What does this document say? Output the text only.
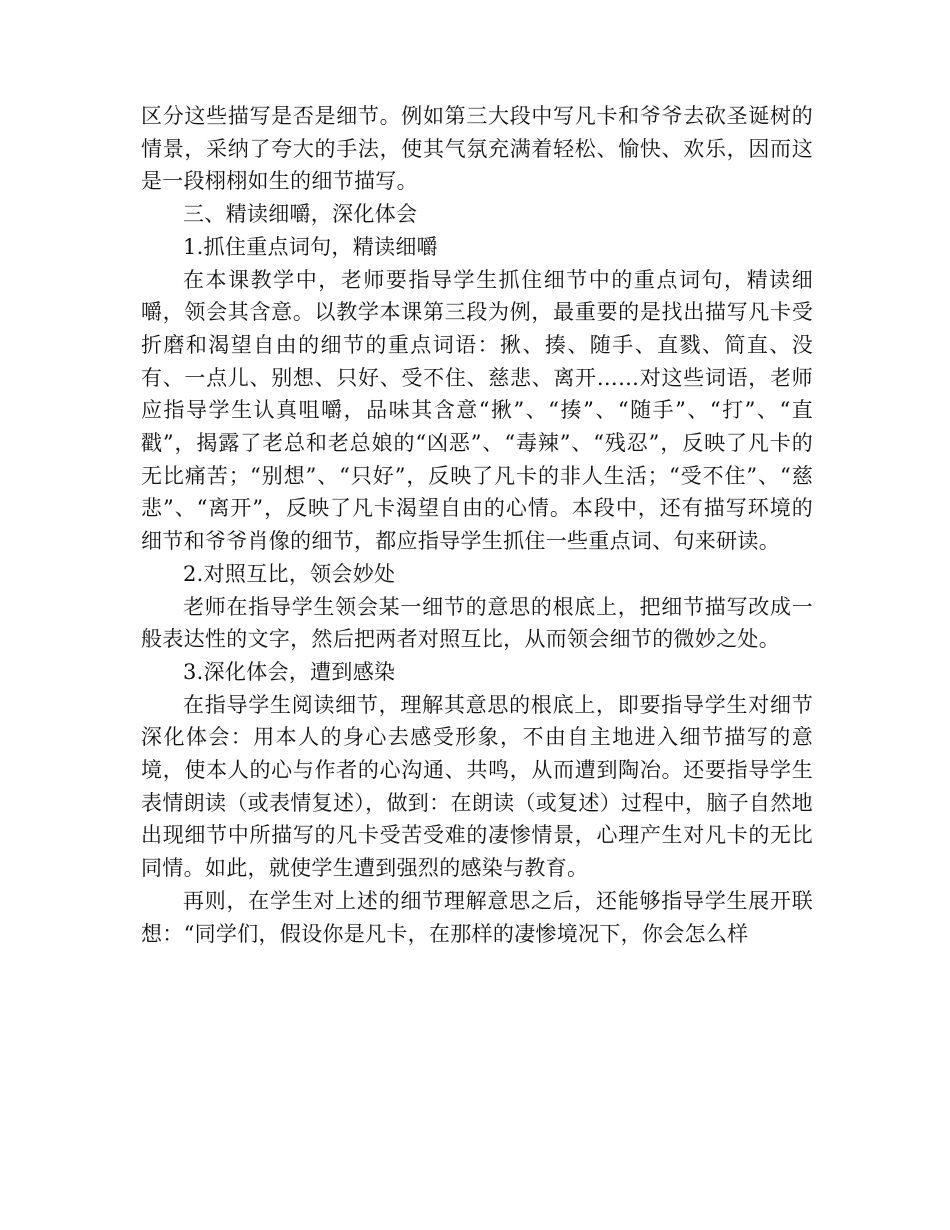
区分这些描写是否是细节。例如第三大段中写凡卡和爷爷去砍圣诞树的情景，采纳了夸大的手法，使其气氛充满着轻松、愉快、欢乐，因而这是一段栩栩如生的细节描写。

三、精读细嚼，深化体会

1.抓住重点词句，精读细嚼

在本课教学中，老师要指导学生抓住细节中的重点词句，精读细嚼，领会其含意。以教学本课第三段为例，最重要的是找出描写凡卡受折磨和渴望自由的细节的重点词语：揪、揍、随手、直戮、简直、没有、一点儿、别想、只好、受不住、慈悲、离开……对这些词语，老师应指导学生认真咀嚼，品味其含意“揪”、“揍”、“随手”、“打”、“直戳”，揭露了老总和老总娘的“凶恶”、“毒辣”、“残忍”，反映了凡卡的无比痛苦；“别想”、“只好”，反映了凡卡的非人生活；“受不住”、“慈悲”、“离开”，反映了凡卡渴望自由的心情。本段中，还有描写环境的细节和爷爷肖像的细节，都应指导学生抓住一些重点词、句来研读。

2.对照互比，领会妙处

老师在指导学生领会某一细节的意思的根底上，把细节描写改成一般表达性的文字，然后把两者对照互比，从而领会细节的微妙之处。

3.深化体会，遭到感染

在指导学生阅读细节，理解其意思的根底上，即要指导学生对细节深化体会：用本人的身心去感受形象，不由自主地进入细节描写的意境，使本人的心与作者的心沟通、共鸣，从而遭到陶冶。还要指导学生表情朗读（或表情复述），做到：在朗读（或复述）过程中，脑子自然地出现细节中所描写的凡卡受苦受难的凄惨情景，心理产生对凡卡的无比同情。如此，就使学生遭到强烈的感染与教育。

再则，在学生对上述的细节理解意思之后，还能够指导学生展开联想：“同学们，假设你是凡卡，在那样的凄惨境况下，你会怎么样
